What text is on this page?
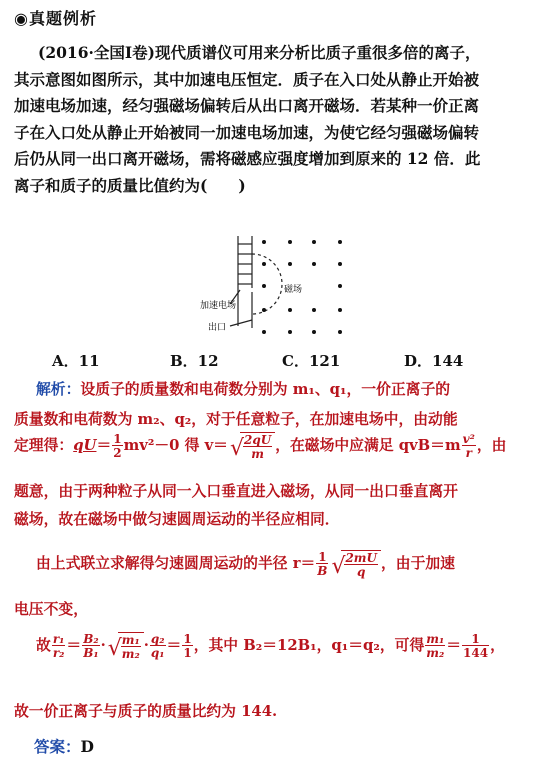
◉真题例析

(2016·全国Ⅰ卷)现代质谱仪可用来分析比质子重很多倍的离子，

其示意图如图所示，其中加速电压恒定．质子在入口处从静止开始被

加速电场加速，经匀强磁场偏转后从出口离开磁场．若某种一价正离

子在入口处从静止开始被同一加速电场加速，为使它经匀强磁场偏转

后仍从同一出口离开磁场，需将磁感应强度增加到原来的 12 倍．此

离子和质子的质量比值约为(　　)

磁场
加速电场
出口
A．11	B．12	C．121	D．144
解析：设质子的质量数和电荷数分别为 m₁、q₁，一价正离子的
质量数和电荷数为 m₂、q₂，对于任意粒子，在加速电场中，由动能
定理得：$qU= \frac{1}{2} mv^2-0$ 得 v＝ √
$\frac{2qU}{m}$ ，在磁场中应满足 $qvB=m \frac{\text{v²}}{r}$ ，由
题意，由于两种粒子从同一入口垂直进入磁场，从同一出口垂直离开
磁场，故在磁场中做匀速圆周运动的半径应相同．
由上式联立求解得匀速圆周运动的半径 $r= \frac{1}{B}$ √
$\frac{2mU}{q}$ ，由于加速
电压不变，
故 $\frac{\text{r₁}}{\text{r₂}} = \frac{\text{B₂}}{\text{B₁}}$ · √
$\frac{\text{m₁}}{\text{m₂}} \cdot \frac{\text{q₂}}{\text{q₁}} = \frac{1}{1}$ ，其中 B₂＝12B₁，q₁＝q₂，可得 $\frac{\text{m₁}}{\text{m₂}} = \frac{1}{144}$ ，
故一价正离子与质子的质量比约为 144.
答案：D
